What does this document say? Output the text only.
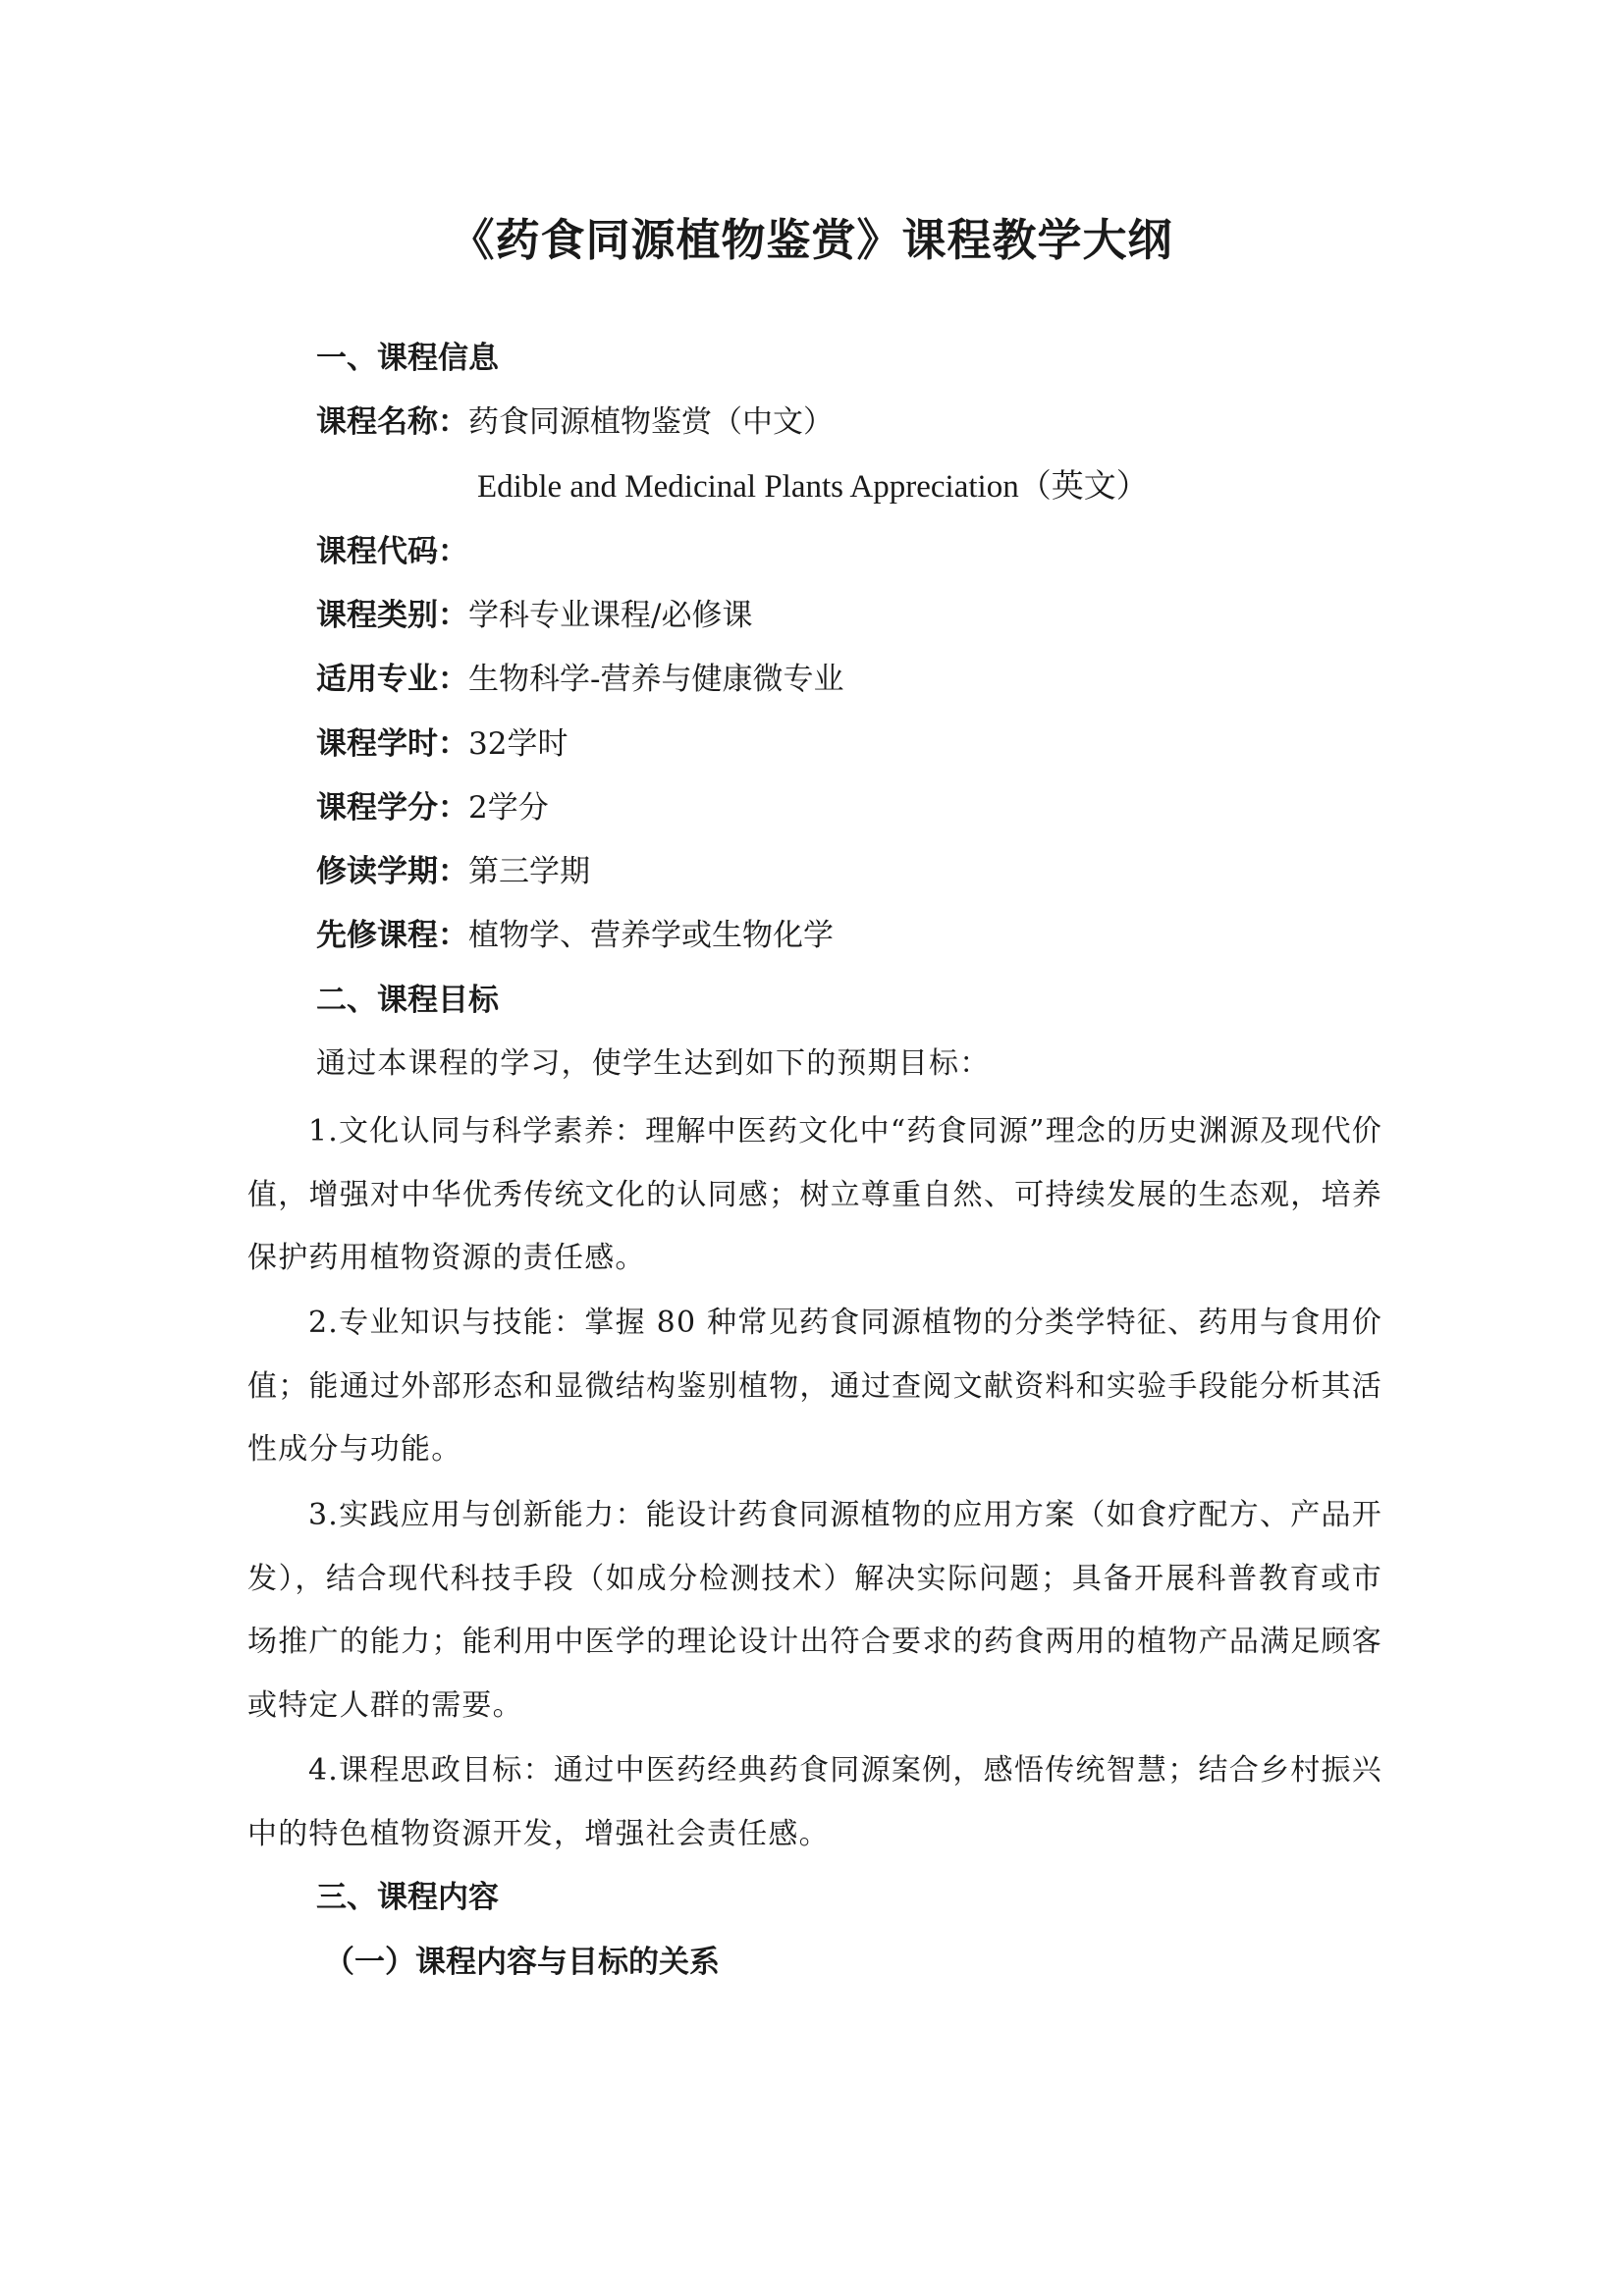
《药食同源植物鉴赏》课程教学大纲
一、课程信息
课程名称：药食同源植物鉴赏（中文）
Edible and Medicinal Plants Appreciation（英文）
课程代码：
课程类别：学科专业课程/必修课
适用专业：生物科学-营养与健康微专业
课程学时：32学时
课程学分：2学分
修读学期：第三学期
先修课程：植物学、营养学或生物化学
二、课程目标
通过本课程的学习，使学生达到如下的预期目标：

1.文化认同与科学素养：理解中医药文化中“药食同源”理念的历史渊源及现代价值，增强对中华优秀传统文化的认同感；树立尊重自然、可持续发展的生态观，培养保护药用植物资源的责任感。

2.专业知识与技能：掌握 80 种常见药食同源植物的分类学特征、药用与食用价值；能通过外部形态和显微结构鉴别植物，通过查阅文献资料和实验手段能分析其活性成分与功能。

3.实践应用与创新能力：能设计药食同源植物的应用方案（如食疗配方、产品开发），结合现代科技手段（如成分检测技术）解决实际问题；具备开展科普教育或市场推广的能力；能利用中医学的理论设计出符合要求的药食两用的植物产品满足顾客或特定人群的需要。

4.课程思政目标：通过中医药经典药食同源案例，感悟传统智慧；结合乡村振兴中的特色植物资源开发，增强社会责任感。

三、课程内容
（一）课程内容与目标的关系
